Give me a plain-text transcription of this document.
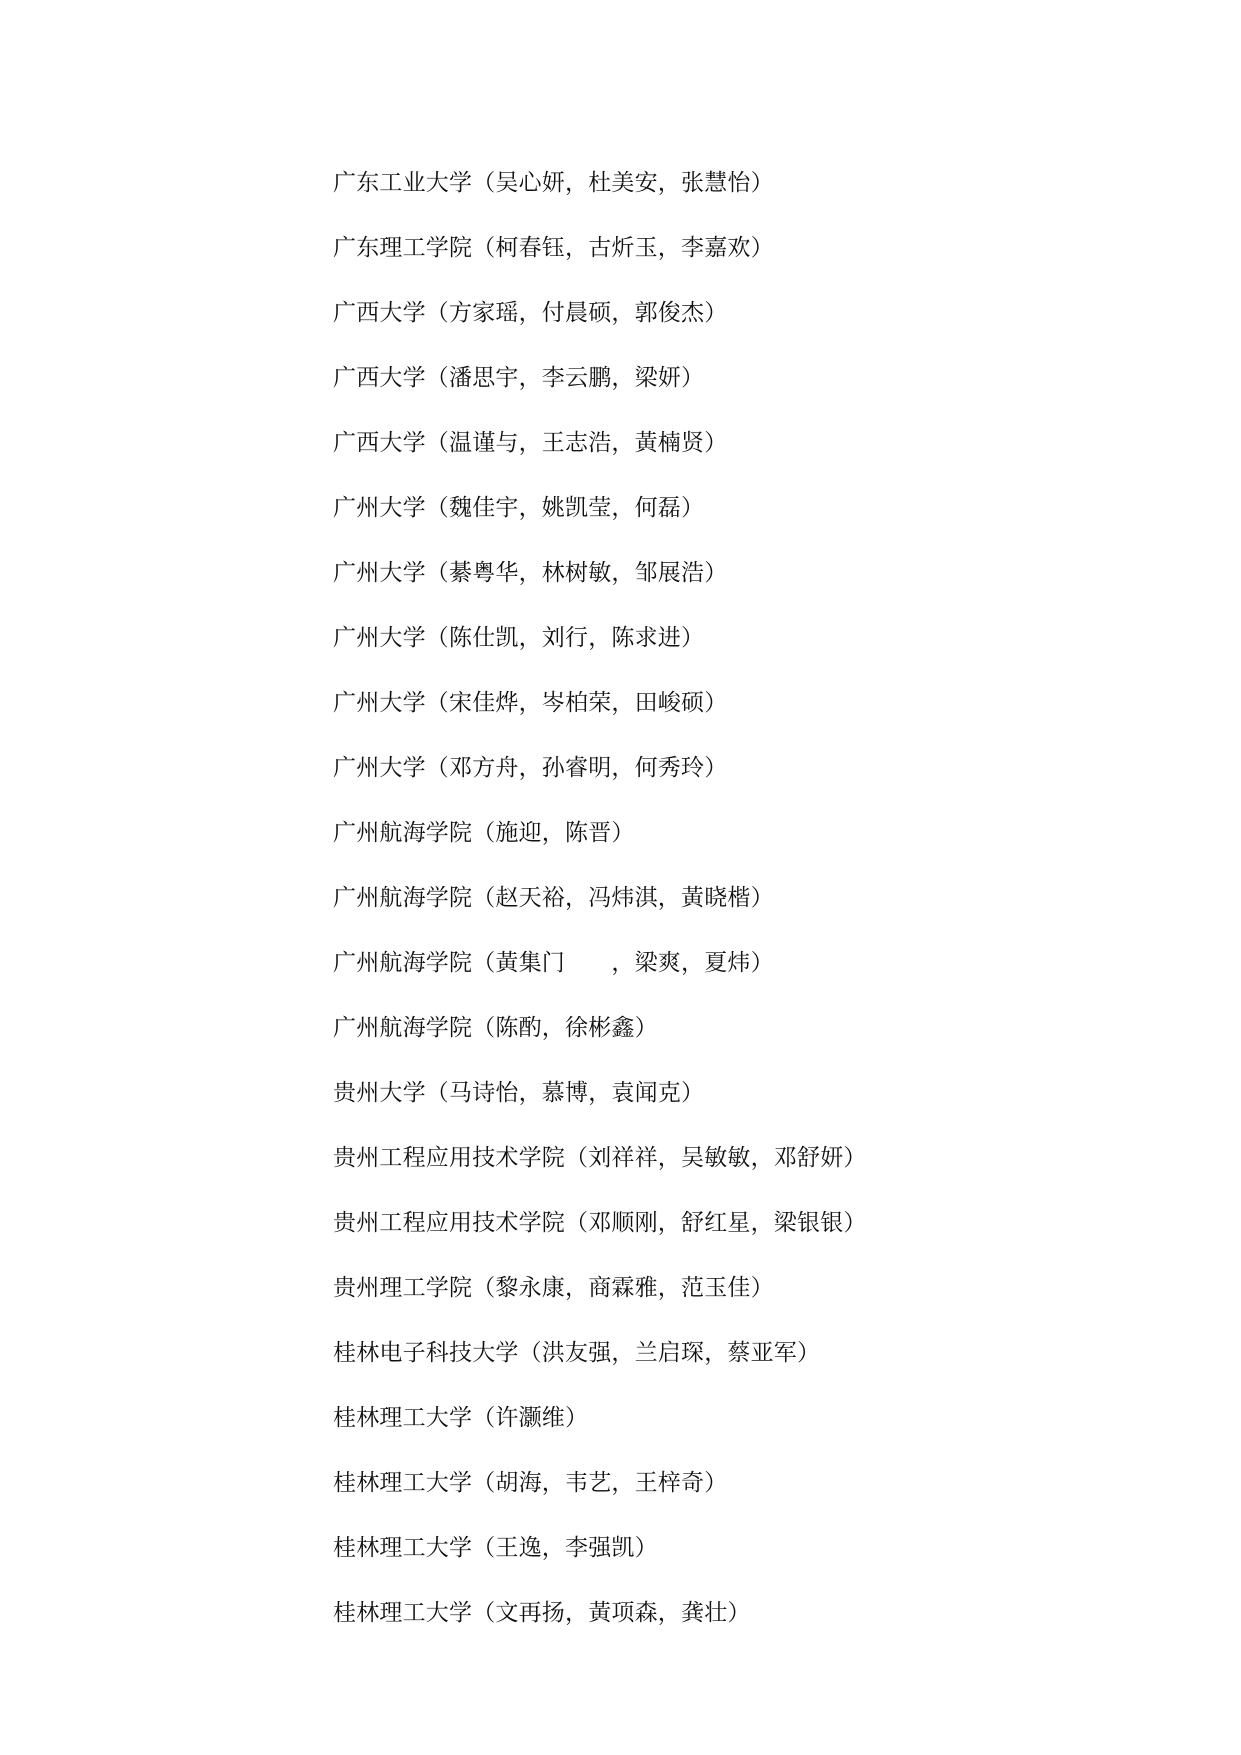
广东工业大学（吴心妍，杜美安，张慧怡）
广东理工学院（柯春钰，古炘玉，李嘉欢）
广西大学（方家瑶，付晨硕，郭俊杰）
广西大学（潘思宇，李云鹏，梁妍）
广西大学（温谨与，王志浩，黃楠贤）
广州大学（魏佳宇，姚凯莹，何磊）
广州大学（綦粤华，林树敏，邹展浩）
广州大学（陈仕凯，刘行，陈求进）
广州大学（宋佳烨，岑柏荣，田峻硕）
广州大学（邓方舟，孙睿明，何秀玲）
广州航海学院（施迎，陈晋）
广州航海学院（赵天裕，冯炜淇，黃晓楷）
广州航海学院（黃集门　　，梁爽，夏炜）
广州航海学院（陈酌，徐彬鑫）
贵州大学（马诗怡，慕博，袁闻克）
贵州工程应用技术学院（刘祥祥，吴敏敏，邓舒妍）
贵州工程应用技术学院（邓顺刚，舒红星，梁银银）
贵州理工学院（黎永康，商霖雅，范玉佳）
桂林电子科技大学（洪友强，兰启琛，蔡亚军）
桂林理工大学（许灏维）
桂林理工大学（胡海，韦艺，王梓奇）
桂林理工大学（王逸，李强凯）
桂林理工大学（文再扬，黃项森，龚壮）
